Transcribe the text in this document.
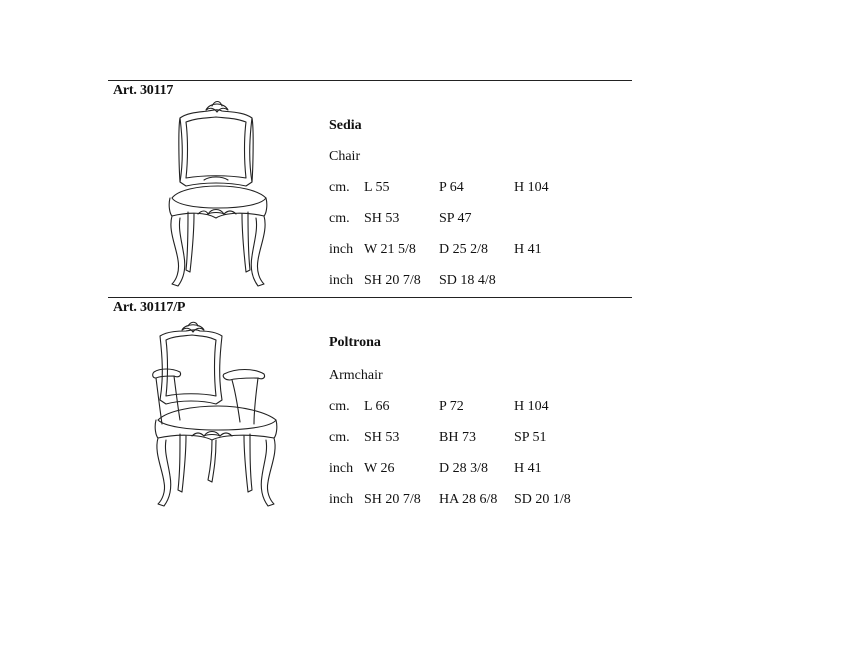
Art. 30117
Sedia
Chair
cm. L 55	P 64	H 104
cm. SH 53	SP 47
inch W 21 5/8 D 25 2/8 H 41
inch SH 20 7/8 SD 18 4/8
Art. 30117/P
Poltrona
Armchair
cm. L 66	P 72	H 104
cm. SH 53	BH 73	SP 51
inch W 26	D 28 3/8 H 41
inch SH 20 7/8 HA 28 6/8 SD 20 1/8
